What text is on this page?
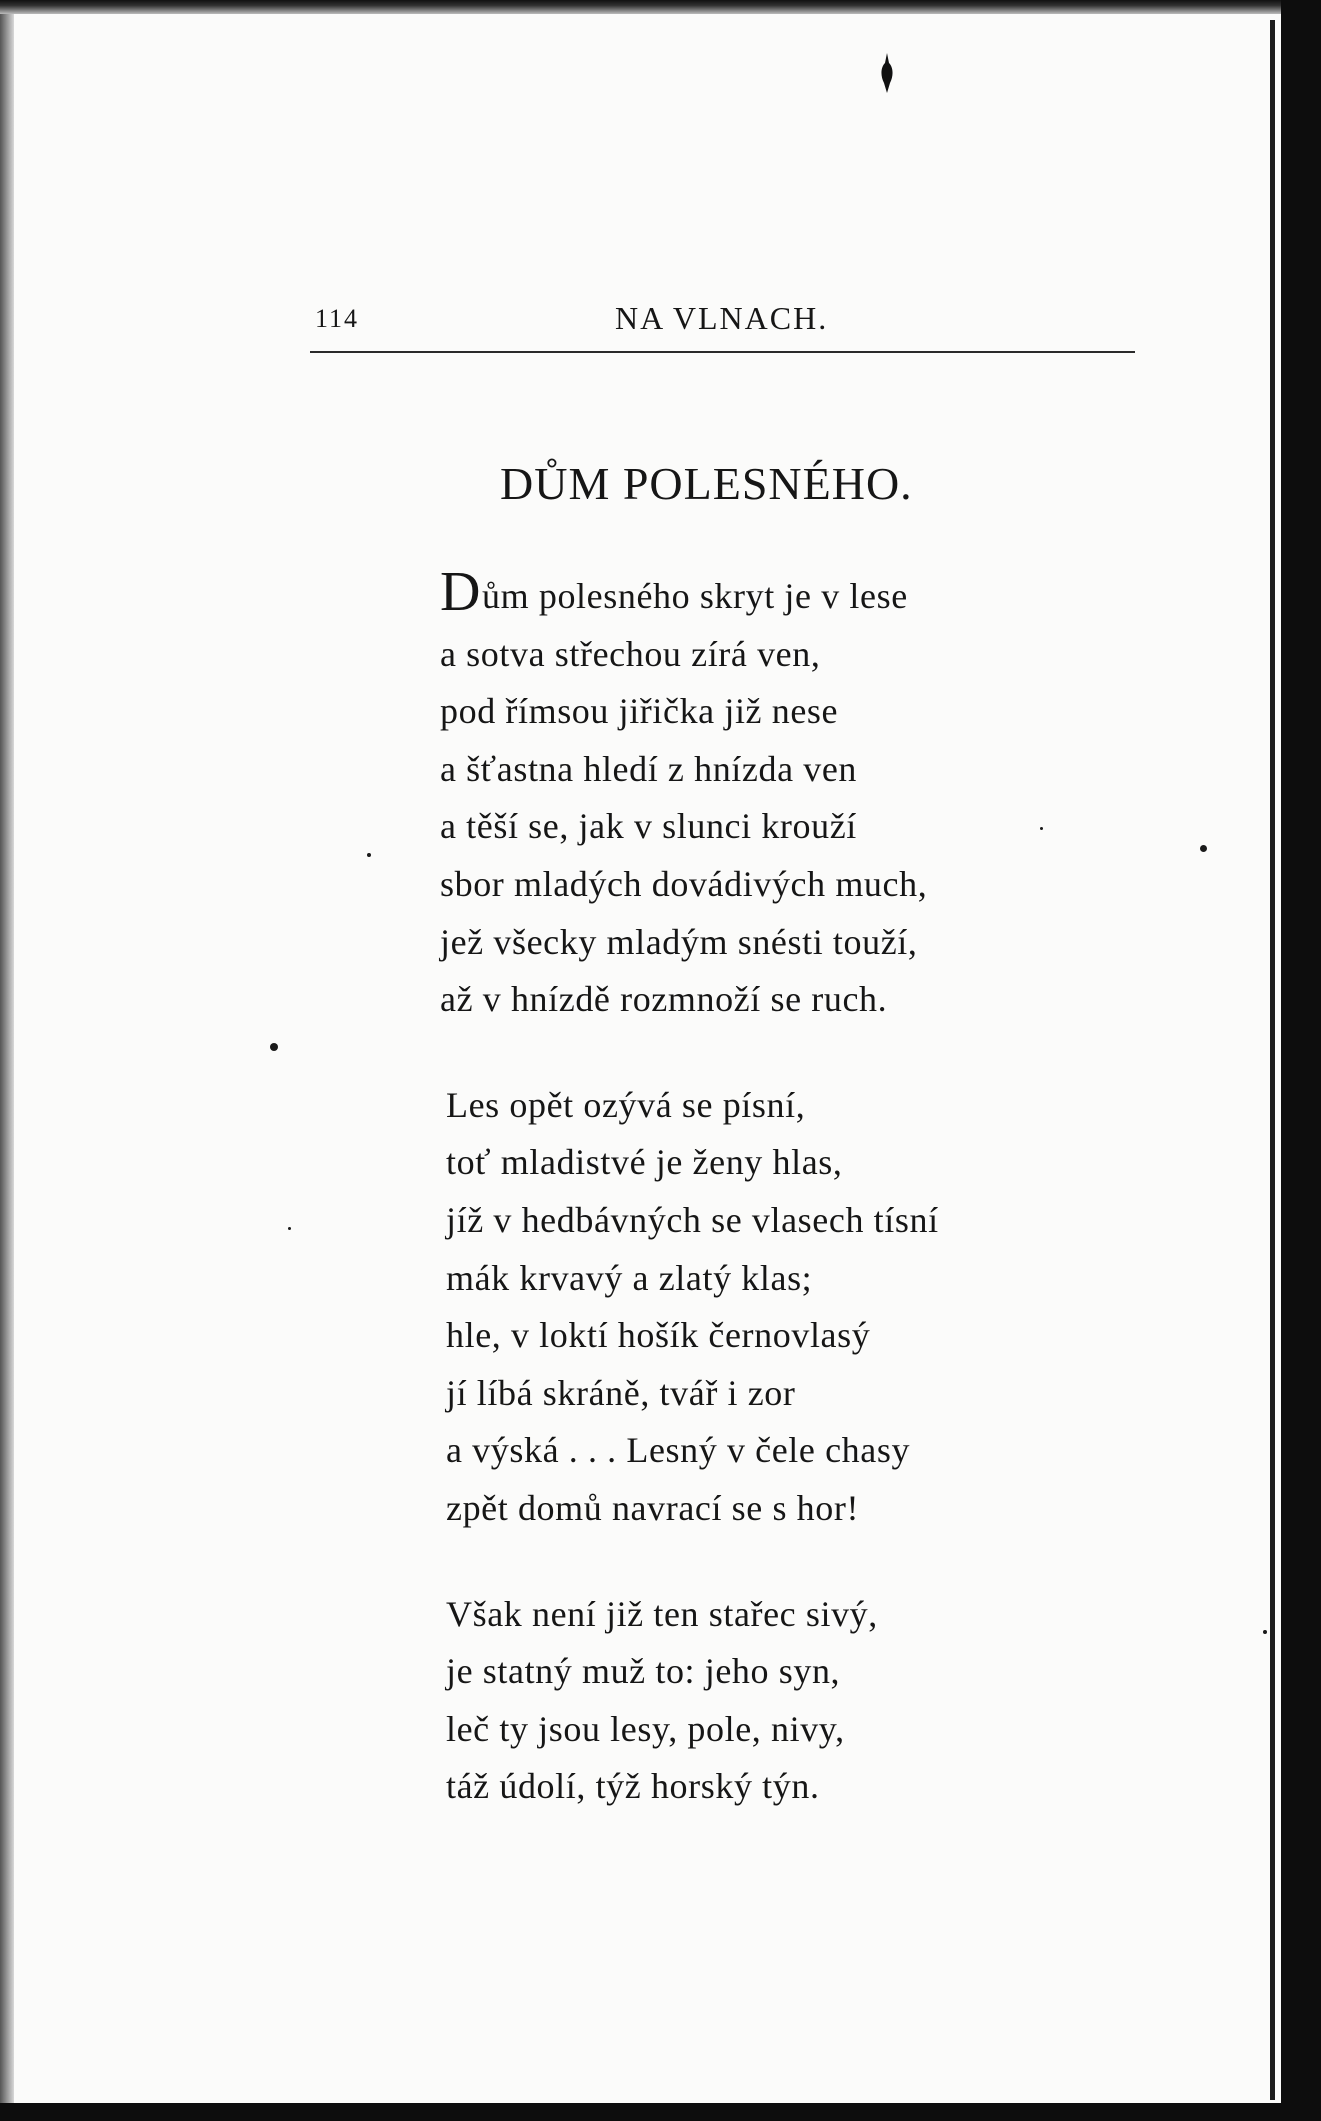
114	NA VLNACH.
DŮM POLESNÉHO.
Dům polesného skryt je v lese
a sotva střechou zírá ven,
pod římsou jiřička již nese
a šťastna hledí z hnízda ven
a těší se, jak v slunci krouží
sbor mladých dovádivých much,
jež všecky mladým snésti touží,
až v hnízdě rozmnoží se ruch.
Les opět ozývá se písní,
toť mladistvé je ženy hlas,
jíž v hedbávných se vlasech tísní
mák krvavý a zlatý klas;
hle, v loktí hošík černovlasý
jí líbá skráně, tvář i zor
a výská . . . Lesný v čele chasy
zpět domů navrací se s hor!
Však není již ten stařec sivý,
je statný muž to: jeho syn,
leč ty jsou lesy, pole, nivy,
táž údolí, týž horský týn.
